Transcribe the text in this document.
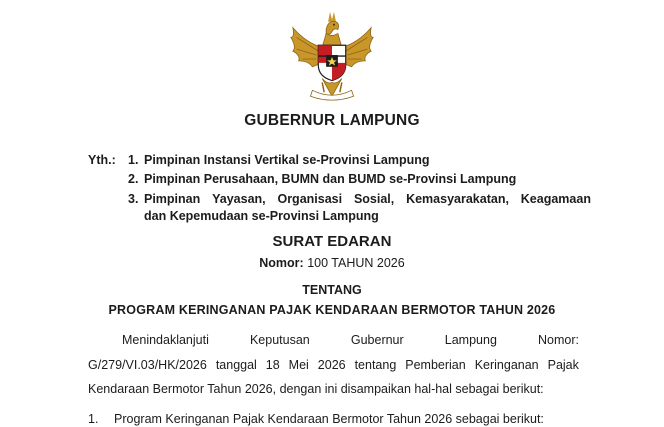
GUBERNUR LAMPUNG
Yth.: 1. Pimpinan Instansi Vertikal se-Provinsi Lampung
2. Pimpinan Perusahaan, BUMN dan BUMD se-Provinsi Lampung
3. Pimpinan Yayasan, Organisasi Sosial, Kemasyarakatan, Keagamaan
dan Kepemudaan se-Provinsi Lampung
SURAT EDARAN
Nomor: 100 TAHUN 2026
TENTANG
PROGRAM KERINGANAN PAJAK KENDARAAN BERMOTOR TAHUN 2026
Menindaklanjuti	Keputusan	Gubernur	Lampung	Nomor:
G/279/VI.03/HK/2026 tanggal 18 Mei 2026 tentang Pemberian Keringanan Pajak
Kendaraan Bermotor Tahun 2026, dengan ini disampaikan hal-hal sebagai berikut:
1. Program Keringanan Pajak Kendaraan Bermotor Tahun 2026 sebagai berikut:
